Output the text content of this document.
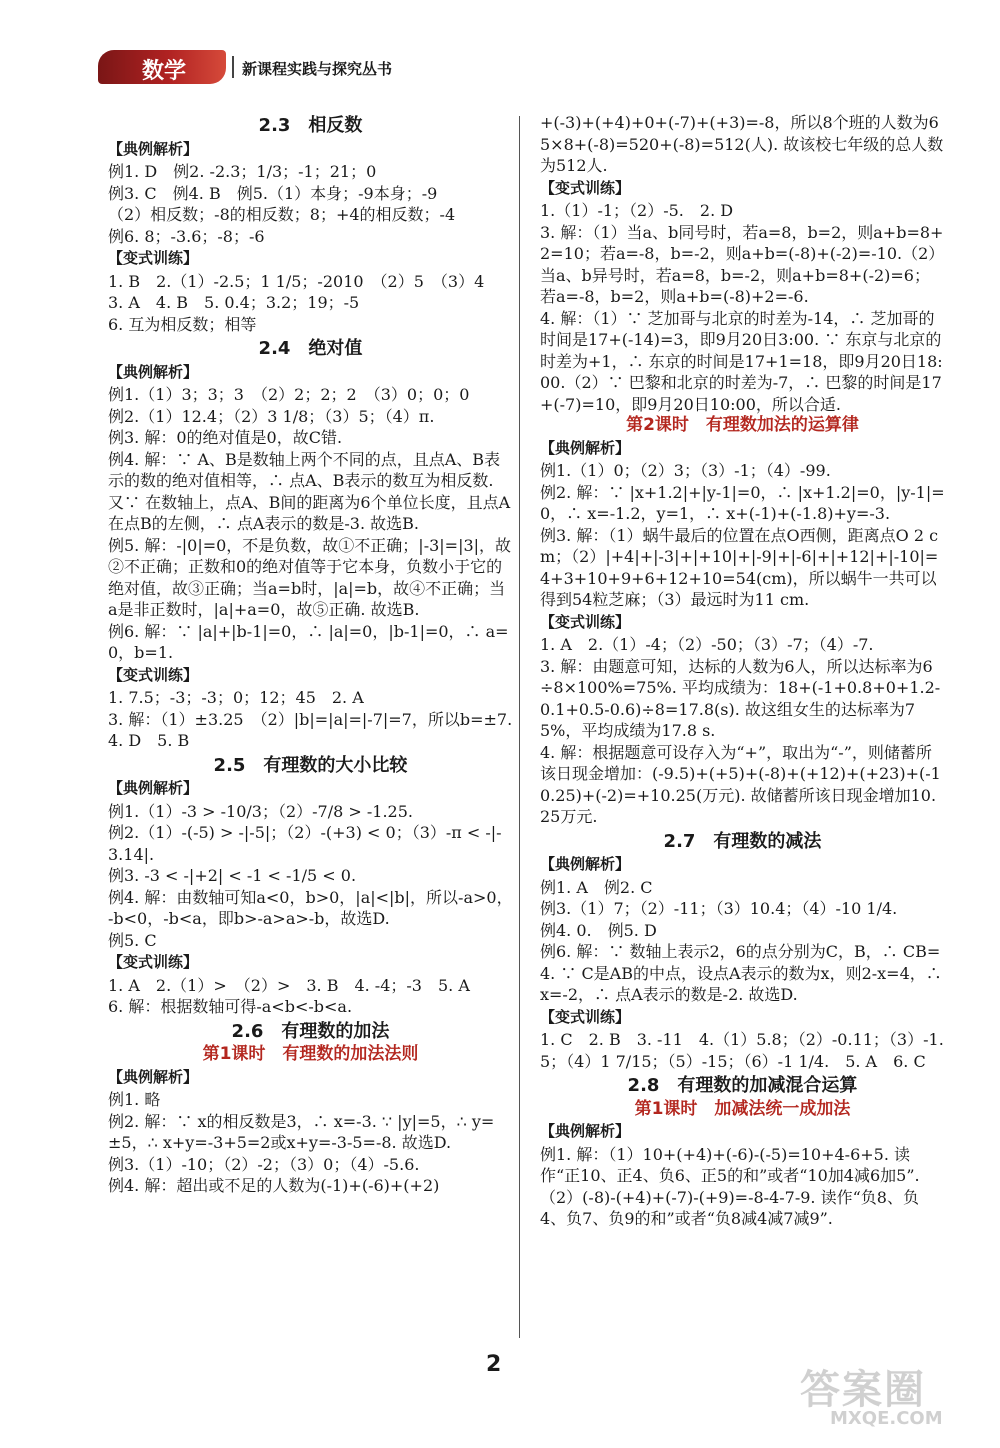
数学	新课程实践与探究丛书
2.3　相反数
【典例解析】
例1. D　例2. -2.3；1/3；-1；21；0
例3. C　例4. B　例5.（1）本身；-9本身；-9
（2）相反数；-8的相反数；8；+4的相反数；-4
例6. 8；-3.6；-8；-6
【变式训练】
1. B　2.（1）-2.5；1 1/5；-2010　（2）5　（3）4
3. A　4. B　5. 0.4；3.2；19；-5
6. 互为相反数；相等
2.4　绝对值
【典例解析】
例1.（1）3；3；3　（2）2；2；2　（3）0；0；0
例2.（1）12.4；（2）3 1/8；（3）5；（4）π.
例3. 解：0的绝对值是0，故C错.
例4. 解：∵ A、B是数轴上两个不同的点，且点A、B表示的数的绝对值相等，∴ 点A、B表示的数互为相反数. 又∵ 在数轴上，点A、B间的距离为6个单位长度，且点A在点B的左侧，∴ 点A表示的数是-3. 故选B.
例5. 解：-|0|=0，不是负数，故①不正确；|-3|=|3|，故②不正确；正数和0的绝对值等于它本身，负数小于它的绝对值，故③正确；当a=b时，|a|=b，故④不正确；当a是非正数时，|a|+a=0，故⑤正确. 故选B.
例6. 解：∵ |a|+|b-1|=0，∴ |a|=0，|b-1|=0，∴ a=0，b=1.
【变式训练】
1. 7.5；-3；-3；0；12；45　2. A
3. 解：（1）±3.25　（2）|b|=|a|=|-7|=7，所以b=±7.
4. D　5. B
2.5　有理数的大小比较
【典例解析】
例1.（1）-3 > -10/3；（2）-7/8 > -1.25.
例2.（1）-(-5) > -|-5|；（2）-(+3) < 0；（3）-π < -|-3.14|.
例3. -3 < -|+2| < -1 < -1/5 < 0.
例4. 解：由数轴可知a<0，b>0，|a|<|b|，所以-a>0，-b<0，-b<a，即b>-a>a>-b，故选D.
例5. C
【变式训练】
1. A　2.（1）>　（2）>　3. B　4. -4；-3　5. A
6. 解：根据数轴可得-a<b<-b<a.
2.6　有理数的加法
第1课时　有理数的加法法则
【典例解析】
例1. 略
例2. 解：∵ x的相反数是3，∴ x=-3. ∵ |y|=5，∴ y=±5，∴ x+y=-3+5=2或x+y=-3-5=-8. 故选D.
例3.（1）-10；（2）-2；（3）0；（4）-5.6.
例4. 解：超出或不足的人数为(-1)+(-6)+(+2)
+(-3)+(+4)+0+(-7)+(+3)=-8，所以8个班的人数为65×8+(-8)=520+(-8)=512(人). 故该校七年级的总人数为512人.
【变式训练】
1.（1）-1；（2）-5.　2. D
3. 解：（1）当a、b同号时，若a=8，b=2，则a+b=8+2=10；若a=-8，b=-2，则a+b=(-8)+(-2)=-10.（2）当a、b异号时，若a=8，b=-2，则a+b=8+(-2)=6；若a=-8，b=2，则a+b=(-8)+2=-6.
4. 解：（1）∵ 芝加哥与北京的时差为-14，∴ 芝加哥的时间是17+(-14)=3，即9月20日3:00. ∵ 东京与北京的时差为+1，∴ 东京的时间是17+1=18，即9月20日18:00.（2）∵ 巴黎和北京的时差为-7，∴ 巴黎的时间是17+(-7)=10，即9月20日10:00，所以合适.
第2课时　有理数加法的运算律
【典例解析】
例1.（1）0；（2）3；（3）-1；（4）-99.
例2. 解：∵ |x+1.2|+|y-1|=0，∴ |x+1.2|=0，|y-1|=0，∴ x=-1.2，y=1，∴ x+(-1)+(-1.8)+y=-3.
例3. 解：（1）蜗牛最后的位置在点O西侧，距离点O 2 cm；（2）|+4|+|-3|+|+10|+|-9|+|-6|+|+12|+|-10|=4+3+10+9+6+12+10=54(cm)，所以蜗牛一共可以得到54粒芝麻；（3）最远时为11 cm.
【变式训练】
1. A　2.（1）-4；（2）-50；（3）-7；（4）-7.
3. 解：由题意可知，达标的人数为6人，所以达标率为6÷8×100%=75%. 平均成绩为：18+(-1+0.8+0+1.2-0.1+0.5-0.6)÷8=17.8(s). 故这组女生的达标率为75%，平均成绩为17.8 s.
4. 解：根据题意可设存入为“+”，取出为“-”，则储蓄所该日现金增加：(-9.5)+(+5)+(-8)+(+12)+(+23)+(-10.25)+(-2)=+10.25(万元). 故储蓄所该日现金增加10.25万元.
2.7　有理数的减法
【典例解析】
例1. A　例2. C
例3.（1）7；（2）-11；（3）10.4；（4）-10 1/4.
例4. 0.　例5. D
例6. 解：∵ 数轴上表示2，6的点分别为C，B，∴ CB=4. ∵ C是AB的中点，设点A表示的数为x，则2-x=4，∴ x=-2，∴ 点A表示的数是-2. 故选D.
【变式训练】
1. C　2. B　3. -11　4.（1）5.8；（2）-0.11；（3）-1.5；（4）1 7/15；（5）-15；（6）-1 1/4.　5. A　6. C
2.8　有理数的加减混合运算
第1课时　加减法统一成加法
【典例解析】
例1. 解：（1）10+(+4)+(-6)-(-5)=10+4-6+5. 读作“正10、正4、负6、正5的和”或者“10加4减6加5”.　（2）(-8)-(+4)+(-7)-(+9)=-8-4-7-9. 读作“负8、负4、负7、负9的和”或者“负8减4减7减9”.
2
答案圈
MXQE.COM
